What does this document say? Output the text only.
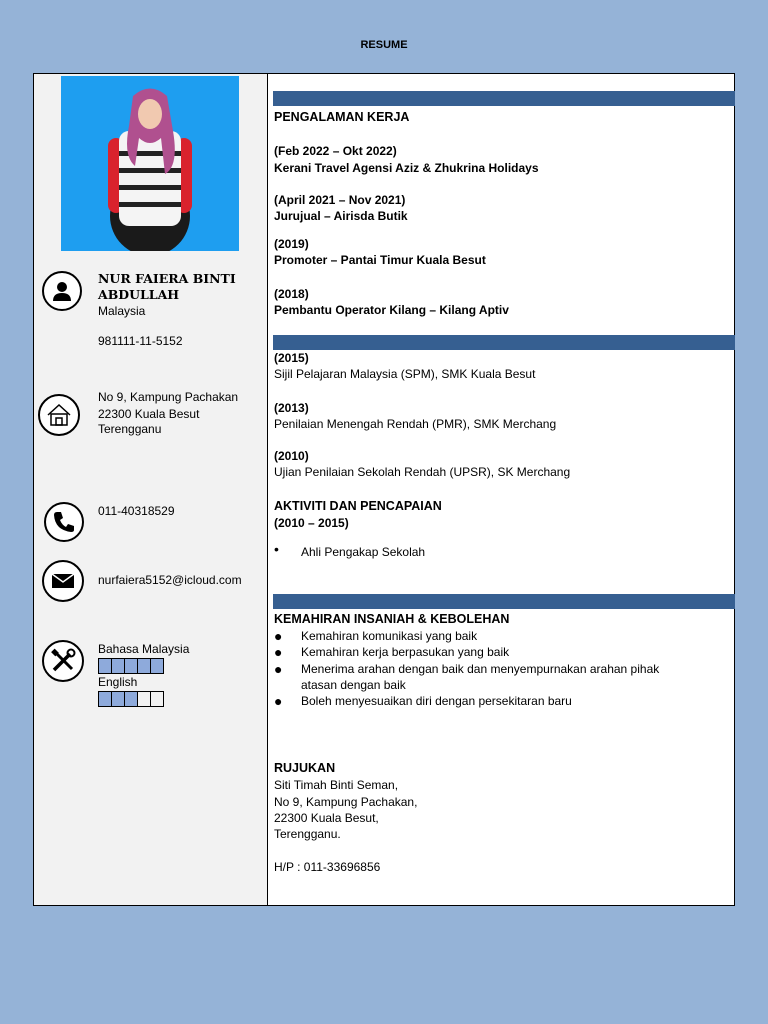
RESUME
NUR FAIERA BINTI
ABDULLAH
Malaysia
981111-11-5152
No 9, Kampung Pachakan
22300 Kuala Besut
Terengganu
011-40318529
nurfaiera5152@icloud.com
Bahasa Malaysia
English
PENGALAMAN KERJA
(Feb 2022 – Okt 2022)
Kerani Travel Agensi Aziz & Zhukrina Holidays
(April 2021 – Nov 2021)
Jurujual – Airisda Butik
(2019)
Promoter – Pantai Timur Kuala Besut
(2018)
Pembantu Operator Kilang – Kilang Aptiv
(2015)
Sijil Pelajaran Malaysia (SPM), SMK Kuala Besut
(2013)
Penilaian Menengah Rendah (PMR), SMK Merchang
(2010)
Ujian Penilaian Sekolah Rendah (UPSR), SK Merchang
AKTIVITI DAN PENCAPAIAN
(2010 – 2015)
• Ahli Pengakap Sekolah
KEMAHIRAN INSANIAH & KEBOLEHAN
● Kemahiran komunikasi yang baik
● Kemahiran kerja berpasukan yang baik
● Menerima arahan dengan baik dan menyempurnakan arahan pihak
atasan dengan baik
● Boleh menyesuaikan diri dengan persekitaran baru
RUJUKAN
Siti Timah Binti Seman,
No 9, Kampung Pachakan,
22300 Kuala Besut,
Terengganu.
H/P : 011-33696856
